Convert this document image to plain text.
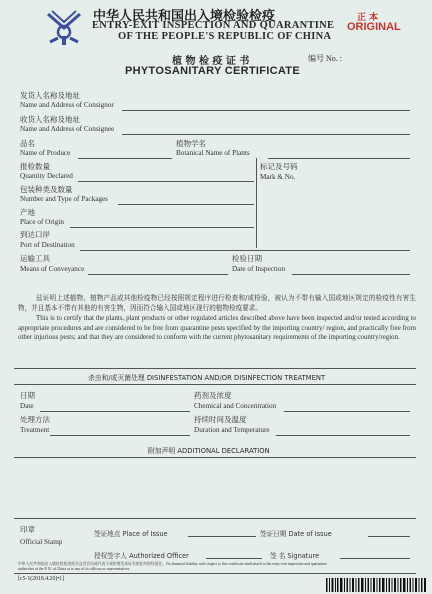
中华人民共和国出入境检验检疫
ENTRY-EXIT INSPECTION AND QUARANTINE
OF THE PEOPLE'S REPUBLIC OF CHINA
正 本
ORIGINAL
植 物 检 疫 证 书	编号 No. :
PHYTOSANITARY CERTIFICATE
发货人名称及地址
Name and Address of Consignor
收货人名称及地址
Name and Address of Consignee
品名
Name of Produce
植物学名
Botanical Name of Plants
报检数量
Quantity Declared
标记及号码
Mark & No.
包装种类及数量
Number and Type of Packages
产地
Place of Origin
到达口岸
Port of Destination
运输工具
Means of Conveyance
检验日期
Date of Inspection
兹证明上述植物、植物产品或其他检疫物已经按照规定程序进行检查和/或检验，被认为不带有输入国或地区规定的检疫性有害生物，并且基本不带有其他的有害生物，因而符合输入国或地区现行的植物检疫要求。
This is to certify that the plants, plant products or other regulated articles described above have been inspected and/or tested according to appropriate procedures and are considered to be free from quarantine pests specified by the importing country/ region, and practically free from other injurious pests; and that they are considered to conform with the current phytosanitary requirements of the importing country/region.
杀虫和/或灭菌处理 DISINFESTATION AND/OR DISINFECTION TREATMENT
日期
Date
药剂及浓度
Chemical and Concentration
处理方法
Treatment
持续时间及温度
Duration and Temperature
附加声明 ADDITIONAL DECLARATION
印章
Official Stamp
签证地点 Place of Issue	签证日期 Date of Issue
授权签字人 Authorized Officer	签 名 Signature
中华人民共和国出入境检验检疫机关及其官员或代表不承担签发本证书的任何财经责任。No financial liability with respect to this certificate shall attach to the entry-exit inspection and quarantine
authorities of the P. R. of China or to any of its officers or representatives.
[c5-1(2018.4.20)•1]
